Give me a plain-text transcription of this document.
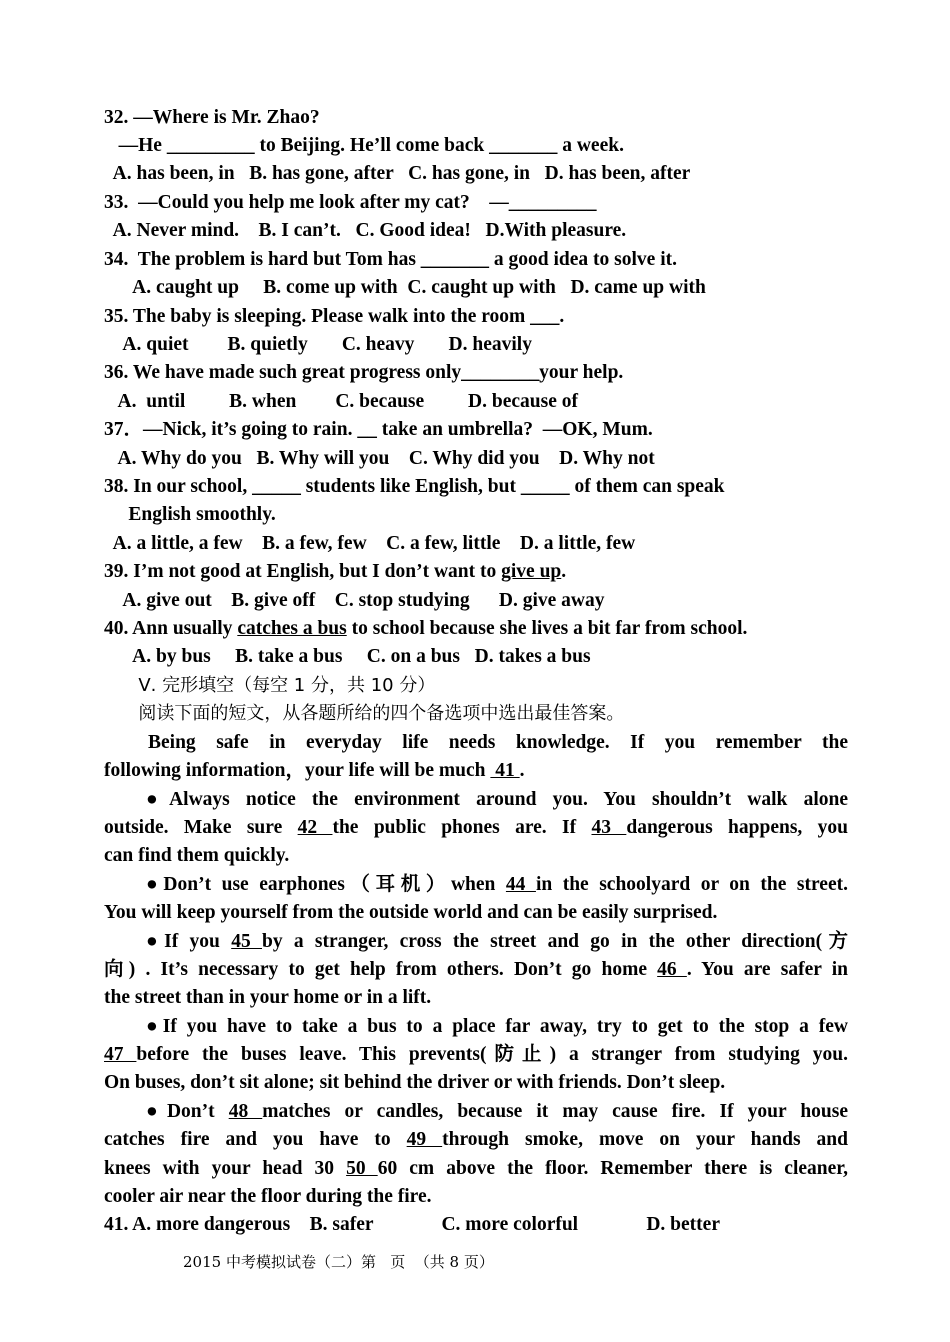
32. —Where is Mr. Zhao?
—He _________ to Beijing. He’ll come back _______ a week.
A. has been, in   B. has gone, after   C. has gone, in   D. has been, after
33.  —Could you help me look after my cat?    —_________
A. Never mind.    B. I can’t.   C. Good idea!   D.With pleasure.
34.  The problem is hard but Tom has _______ a good idea to solve it.
A. caught up     B. come up with  C. caught up with   D. came up with
35. The baby is sleeping. Please walk into the room ___.
A. quiet        B. quietly       C. heavy       D. heavily
36. We have made such great progress only________your help.
A.  until         B. when        C. because         D. because of
37．—Nick, it’s going to rain. __ take an umbrella?  —OK, Mum.
A. Why do you   B. Why will you    C. Why did you    D. Why not
38. In our school, _____ students like English, but _____ of them can speak
English smoothly.
A. a little, a few    B. a few, few    C. a few, little    D. a little, few
39. I’m not good at English, but I don’t want to give up.
A. give out    B. give off    C. stop studying      D. give away
40. Ann usually catches a bus to school because she lives a bit far from school.
A. by bus     B. take a bus     C. on a bus   D. takes a bus
Ⅴ. 完形填空（每空 1 分，共 10 分）
阅读下面的短文，从各题所给的四个备选项中选出最佳答案。
Being safe in everyday life needs knowledge. If you remember the
following information，your life will be much  41 .
●Always notice the environment around you. You shouldn’t walk alone
outside. Make sure 42 the public phones are. If 43 dangerous happens, you
can find them quickly.
●Don’t use earphones（耳机）when 44 in the schoolyard or on the street.
You will keep yourself from the outside world and can be easily surprised.
●If you 45 by a stranger, cross the street and go in the other direction(方
向) . It’s necessary to get help from others. Don’t go home 46 . You are safer in
the street than in your home or in a lift.
●If you have to take a bus to a place far away, try to get to the stop a few
47 before the buses leave. This prevents(防止) a stranger from studying you.
On buses, don’t sit alone; sit behind the driver or with friends. Don’t sleep.
●Don’t 48 matches or candles, because it may cause fire. If your house
catches fire and you have to 49 through smoke, move on your hands and
knees with your head 30 50 60 cm above the floor. Remember there is cleaner,
cooler air near the floor during the fire.
41. A. more dangerous    B. safer              C. more colorful              D. better
2015 中考模拟试卷（二）第   页  （共 8 页）
